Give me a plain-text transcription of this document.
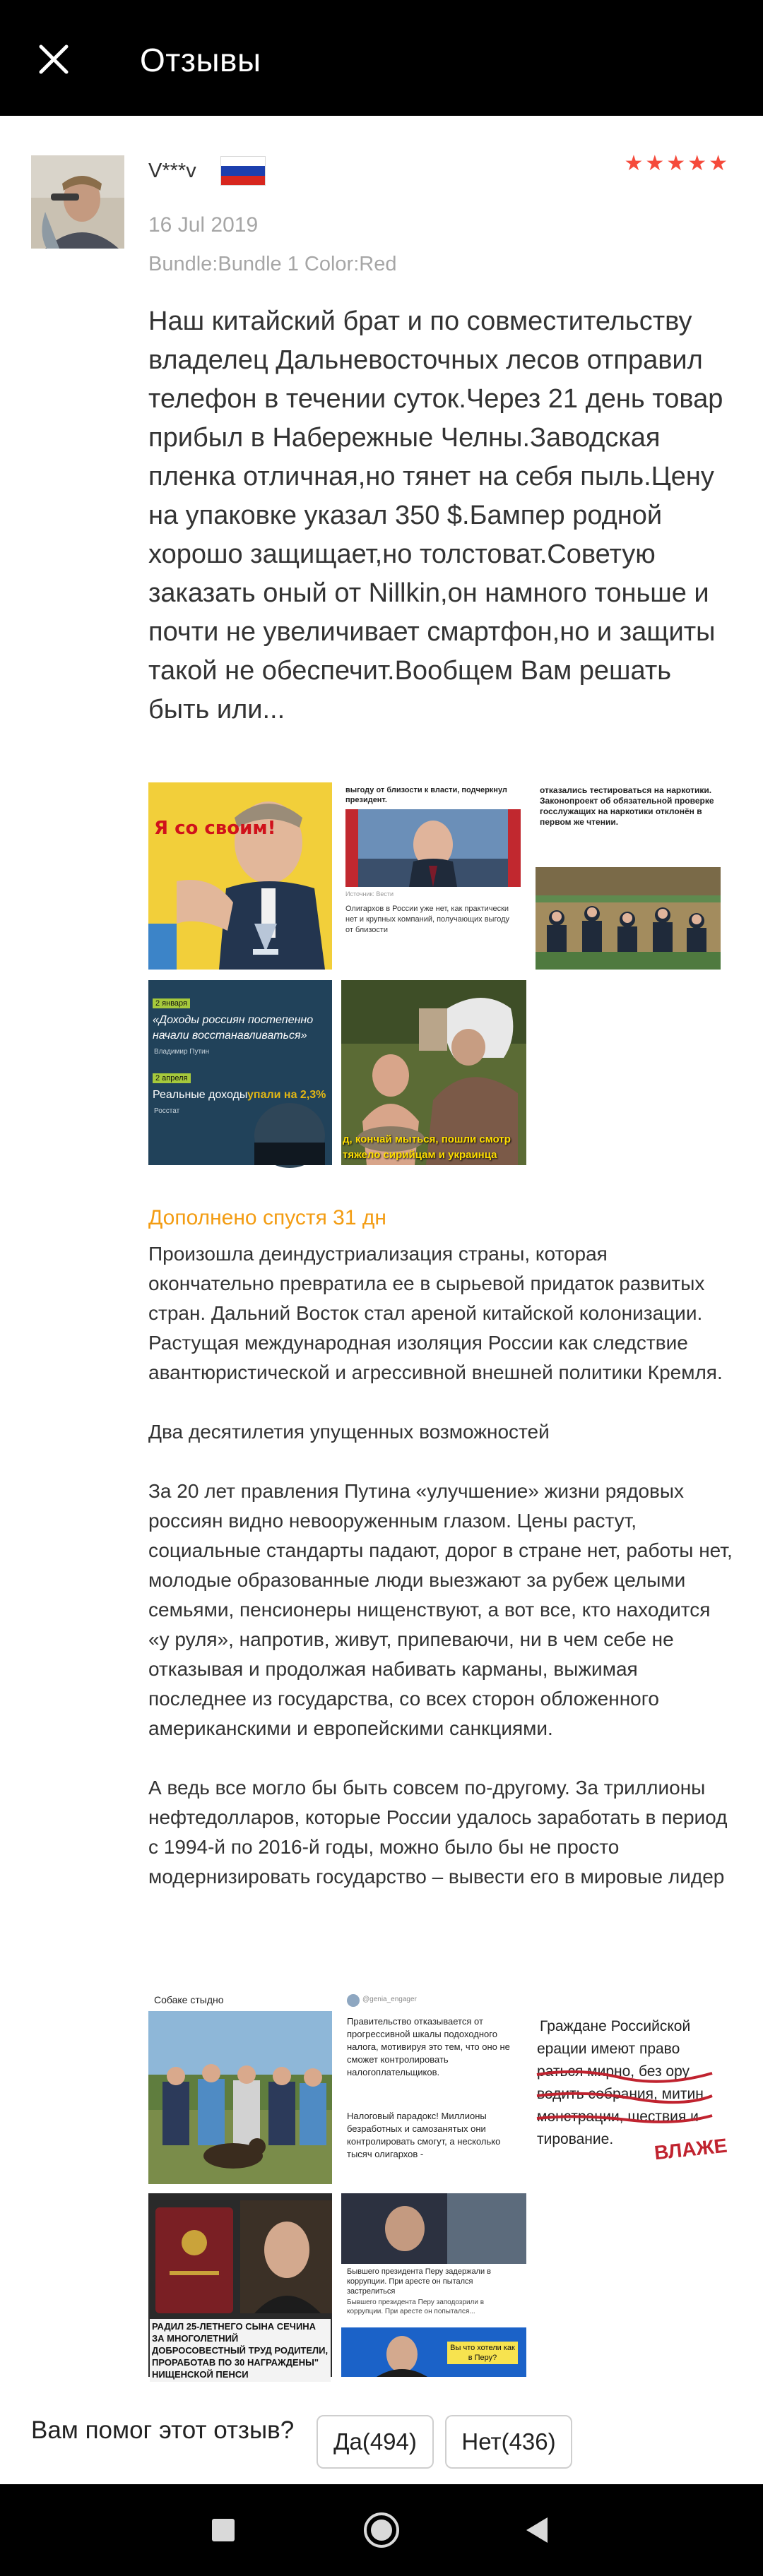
Отзывы
V***v	★ ★ ★ ★ ★
16 Jul 2019
Bundle:Bundle 1 Color:Red
Наш китайский брат и по совместительству владелец Дальневосточных лесов отправил телефон в течении суток.Через 21 день товар прибыл в Набережные Челны.Заводская пленка отличная,но тянет на себя пыль.Цену на упаковке указал 350 $.Бампер родной хорошо защищает,но толстоват.Советую заказать оный от Nillkin,он намного тоньше и почти не увеличивает смартфон,но и защиты такой не обеспечит.Вообщем Вам решать быть или...
Я со своим!
выгоду от близости к власти, подчеркнул президент.
Источник: Вести
Олигархов в России уже нет, как практически нет и крупных компаний, получающих выгоду от близости
отказались тестироваться на наркотики. Законопроект об обязательной проверке госслужащих на наркотики отклонён в первом же чтении.
2 января
«Доходы россиян постепенно начали восстанавливаться»
Владимир Путин
2 апреля
Реальные доходы упали на 2,3%
Росстат
д, кончай мыться, пошли смотр тяжело сирийцам и украинца
Дополнено спустя 31 дн
Произошла деиндустриализация страны, которая окончательно превратила ее в сырьевой придаток развитых стран. Дальний Восток стал ареной китайской колонизации. Растущая международная изоляция России как следствие авантюристической и агрессивной внешней политики Кремля.

Два десятилетия упущенных возможностей

За 20 лет правления Путина «улучшение» жизни рядовых россиян видно невооруженным глазом. Цены растут, социальные стандарты падают, дорог в стране нет, работы нет, молодые образованные люди выезжают за рубеж целыми семьями, пенсионеры нищенствуют, а вот все, кто находится «у руля», напротив, живут, припеваючи, ни в чем себе не отказывая и продолжая набивать карманы, выжимая последнее из государства, со всех сторон обложенного американскими и европейскими санкциями.

А ведь все могло бы быть совсем по-другому. За триллионы нефтедолларов, которые России удалось заработать в период с 1994-й по 2016-й годы, можно было бы не просто модернизировать государство – вывести его в мировые лидер
Собаке стыдно	@genia_engager
Правительство отказывается от прогрессивной шкалы подоходного налога, мотивируя это тем, что оно не сможет контролировать налогоплательщиков.
Налоговый парадокс! Миллионы безработных и самозанятых они контролировать смогут, а несколько тысяч олигархов -
Граждане Российской
ерации имеют право
раться мирно, без ору
водить собрания, митин
монстрации, шествия и
тирование. ВЛАЖЕ
РАДИЛ 25-ЛЕТНЕГО СЫНА СЕЧИНА ЗА МНОГОЛЕТНИЙ ДОБРОСОВЕСТНЫЙ ТРУД РОДИТЕЛИ, ПРОРАБОТАВ ПО 30 НАГРАЖДЕНЫ" НИЩЕНСКОЙ ПЕНСИ
Бывшего президента Перу задержали в коррупции. При аресте он пытался застрелиться
Бывшего президента Перу заподозрили в коррупции. При аресте он попытался...
Вы что хотели как в Перу?
Вам помог этот отзыв?	Да(494)	Нет(436)
